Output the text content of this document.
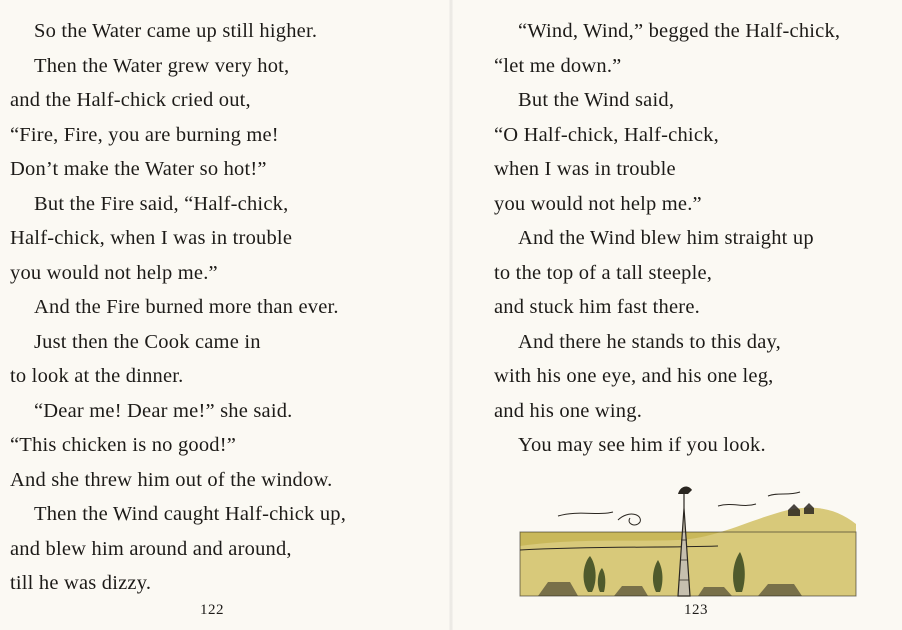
So the Water came up still higher.
Then the Water grew very hot,
and the Half-chick cried out,
“Fire, Fire, you are burning me!
Don’t make the Water so hot!”
But the Fire said, “Half-chick,
Half-chick, when I was in trouble
you would not help me.”
And the Fire burned more than ever.
Just then the Cook came in
to look at the dinner.
“Dear me! Dear me!” she said.
“This chicken is no good!”
And she threw him out of the window.
Then the Wind caught Half-chick up,
and blew him around and around,
till he was dizzy.
122
“Wind, Wind,” begged the Half-chick,
“let me down.”
But the Wind said,
“O Half-chick, Half-chick,
when I was in trouble
you would not help me.”
And the Wind blew him straight up
to the top of a tall steeple,
and stuck him fast there.
And there he stands to this day,
with his one eye, and his one leg,
and his one wing.
You may see him if you look.
123
